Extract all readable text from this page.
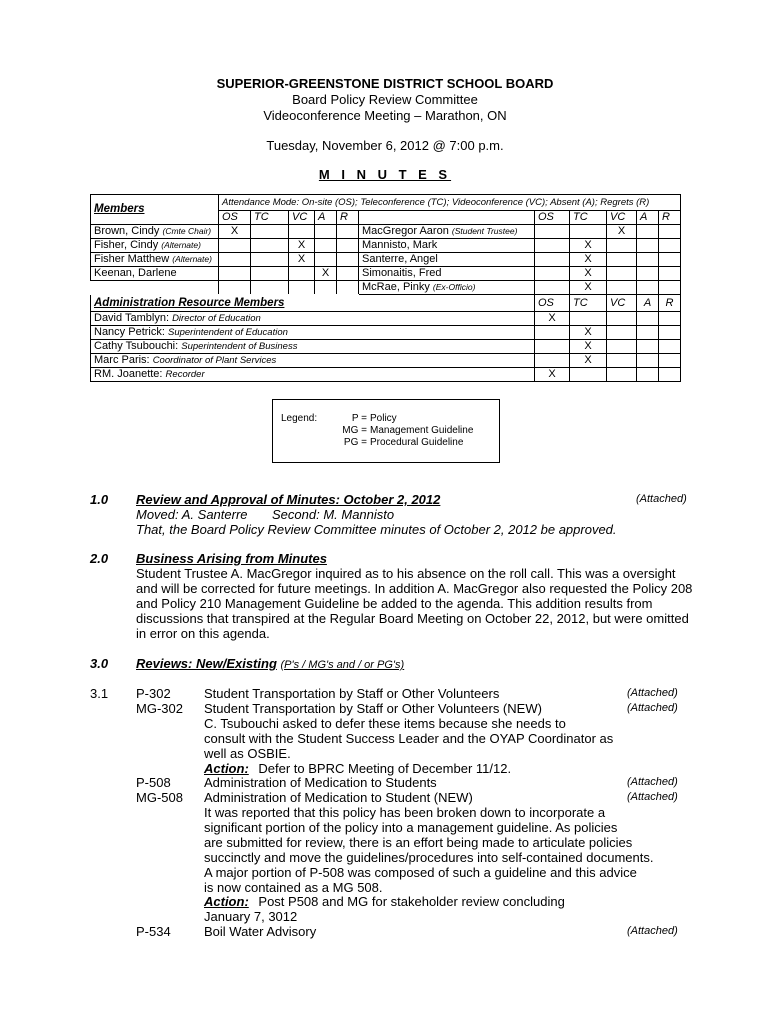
SUPERIOR-GREENSTONE DISTRICT SCHOOL BOARD
Board Policy Review Committee
Videoconference Meeting – Marathon, ON
Tuesday, November 6, 2012 @ 7:00 p.m.
M I N U T E S
Members	Attendance Mode: On-site (OS); Teleconference (TC); Videoconference (VC); Absent (A); Regrets (R)										
	OS	TC	VC	A	R		OS	TC	VC	A	R
Brown, Cindy (Cmte Chair)	X					MacGregor Aaron (Student Trustee)			X		
Fisher, Cindy (Alternate)			X			Mannisto, Mark		X			
Fisher Matthew (Alternate)			X			Santerre, Angel		X			
Keenan, Darlene				X		Simonaitis, Fred		X			
						McRae, Pinky (Ex-Officio)		X			
Administration Resource Members							OS	TC	VC	A	R
David Tamblyn: Director of Education							X				
Nancy Petrick: Superintendent of Education								X			
Cathy Tsubouchi: Superintendent of Business								X			
Marc Paris: Coordinator of Plant Services								X			
RM. Joanette: Recorder							X				
Legend:	P = Policy
MG = Management Guideline
PG = Procedural Guideline
1.0 Review and Approval of Minutes: October 2, 2012	(Attached)
Moved: A. Santerre Second: M. Mannisto
That, the Board Policy Review Committee minutes of October 2, 2012 be approved.
2.0 Business Arising from Minutes
Student Trustee A. MacGregor inquired as to his absence on the roll call. This was a oversight
and will be corrected for future meetings. In addition A. MacGregor also requested the Policy 208
and Policy 210 Management Guideline be added to the agenda. This addition results from
discussions that transpired at the Regular Board Meeting on October 22, 2012, but were omitted
in error on this agenda.
3.0 Reviews: New/Existing (P's / MG's and / or PG's)
3.1 P-302	Student Transportation by Staff or Other Volunteers	(Attached)
MG-302 Student Transportation by Staff or Other Volunteers (NEW)	(Attached)
C. Tsubouchi asked to defer these items because she needs to
consult with the Student Success Leader and the OYAP Coordinator as
well as OSBIE.
Action: Defer to BPRC Meeting of December 11/12.
P-508	Administration of Medication to Students	(Attached)
MG-508 Administration of Medication to Student (NEW)	(Attached)
It was reported that this policy has been broken down to incorporate a
significant portion of the policy into a management guideline. As policies
are submitted for review, there is an effort being made to articulate policies
succinctly and move the guidelines/procedures into self-contained documents.
A major portion of P-508 was composed of such a guideline and this advice
is now contained as a MG 508.
Action: Post P508 and MG for stakeholder review concluding
January 7, 3012
P-534	Boil Water Advisory	(Attached)
